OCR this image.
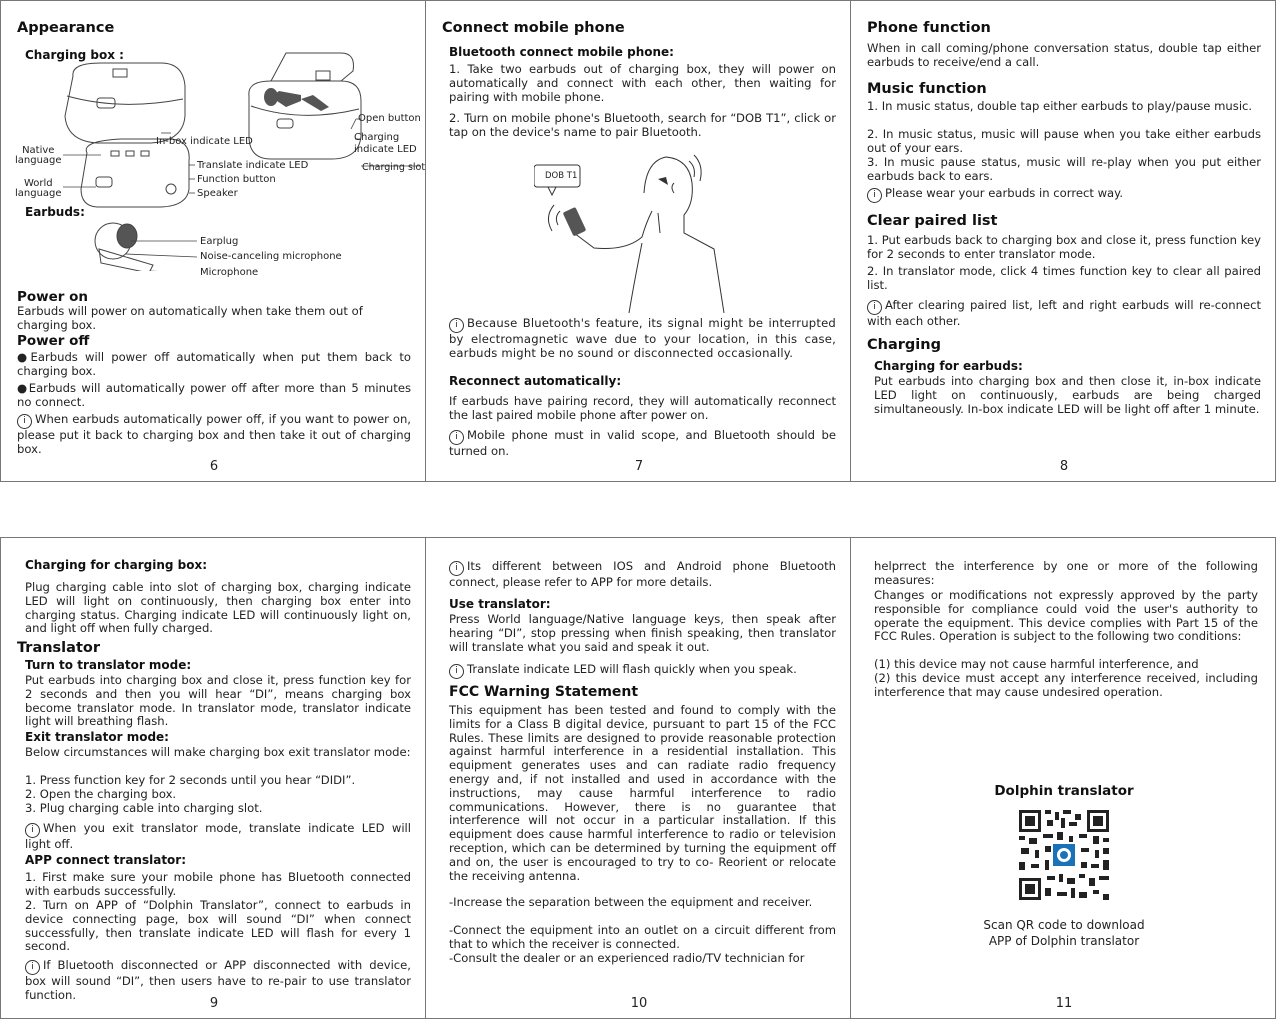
Appearance
Charging box :
In-box indicate LED
Open button
Charging
indicate LED
Charging slot
Native
language
World
language
Translate indicate LED
Function button
Speaker
Earbuds:
Earplug
Noise-canceling microphone
Microphone
Power on
Earbuds will power on automatically when take them out of charging box.
Power off
●Earbuds will power off automatically when put them back to charging box.
●Earbuds will automatically power off after more than 5 minutes no connect.
i When earbuds automatically power off, if you want to power on, please put it back to charging box and then take it out of charging box.
6
Connect mobile phone
Bluetooth connect mobile phone:
1. Take two earbuds out of charging box, they will power on automatically and connect with each other, then waiting for pairing with mobile phone.
2. Turn on mobile phone's Bluetooth, search for “DOB T1”, click or tap on the device's name to pair Bluetooth.
DOB T1
i Because Bluetooth's feature, its signal might be interrupted by electromagnetic wave due to your location, in this case, earbuds might be no sound or disconnected occasionally.
Reconnect automatically:
If earbuds have pairing record, they will automatically reconnect the last paired mobile phone after power on.
i Mobile phone must in valid scope, and Bluetooth should be turned on.
7
Phone function
When in call coming/phone conversation status, double tap either earbuds to receive/end a call.
Music function
1. In music status, double tap either earbuds to play/pause music.
2. In music status, music will pause when you take either earbuds out of your ears.
3. In music pause status, music will re-play when you put either earbuds back to ears.
i Please wear your earbuds in correct way.
Clear paired list
1. Put earbuds back to charging box and close it, press function key for 2 seconds to enter translator mode.
2. In translator mode, click 4 times function key to clear all paired list.
i After clearing paired list, left and right earbuds will re-connect with each other.
Charging
Charging for earbuds:
Put earbuds into charging box and then close it, in-box indicate LED light on continuously, earbuds are being charged simultaneously. In-box indicate LED will be light off after 1 minute.
8
Charging for charging box:
Plug charging cable into slot of charging box, charging indicate LED will light on continuously, then charging box enter into charging status. Charging indicate LED will continuously light on, and light off when fully charged.
Translator
Turn to translator mode:
Put earbuds into charging box and close it, press function key for 2 seconds and then you will hear “DI”, means charging box become translator mode. In translator mode, translator indicate light will breathing flash.
Exit translator mode:
Below circumstances will make charging box exit translator mode:
1. Press function key for 2 seconds until you hear “DIDI”.
2. Open the charging box.
3. Plug charging cable into charging slot.
i When you exit translator mode, translate indicate LED will light off.
APP connect translator:
1. First make sure your mobile phone has Bluetooth connected with earbuds successfully.
2. Turn on APP of “Dolphin Translator”, connect to earbuds in device connecting page, box will sound “DI” when connect successfully, then translate indicate LED will flash for every 1 second.
i If Bluetooth disconnected or APP disconnected with device, box will sound “DI”, then users have to re-pair to use translator function.
9
i Its different between IOS and Android phone Bluetooth connect, please refer to APP for more details.
Use translator:
Press World language/Native language keys, then speak after hearing “DI”, stop pressing when finish speaking, then translator will translate what you said and speak it out.
i Translate indicate LED will flash quickly when you speak.
FCC Warning Statement
This equipment has been tested and found to comply with the limits for a Class B digital device, pursuant to part 15 of the FCC Rules. These limits are designed to provide reasonable protection against harmful interference in a residential installation. This equipment generates uses and can radiate radio frequency energy and, if not installed and used in accordance with the instructions, may cause harmful interference to radio communications. However, there is no guarantee that interference will not occur in a particular installation. If this equipment does cause harmful interference to radio or television reception, which can be determined by turning the equipment off and on, the user is encouraged to try to co- Reorient or relocate the receiving antenna.
-Increase the separation between the equipment and receiver.
-Connect the equipment into an outlet on a circuit different from that to which the receiver is connected.
-Consult the dealer or an experienced radio/TV technician for
10
helprrect the interference by one or more of the following measures:
Changes or modifications not expressly approved by the party responsible for compliance could void the user's authority to operate the equipment. This device complies with Part 15 of the FCC Rules. Operation is subject to the following two conditions:
(1) this device may not cause harmful interference, and
(2) this device must accept any interference received, including interference that may cause undesired operation.
Dolphin translator
Scan QR code to download
APP of Dolphin translator
11
